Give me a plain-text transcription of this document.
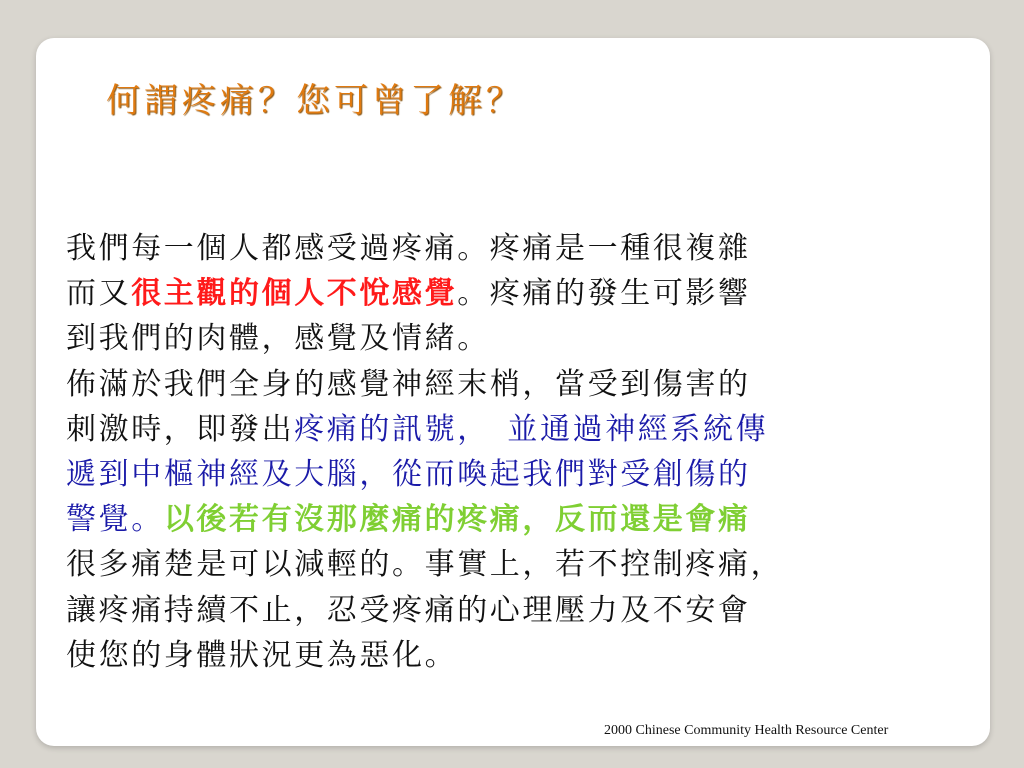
何謂疼痛？您可曾了解？
我們每一個人都感受過疼痛。疼痛是一種很複雜
而又很主觀的個人不悅感覺。疼痛的發生可影響
到我們的肉體，感覺及情緒。
佈滿於我們全身的感覺神經末梢，當受到傷害的
刺激時，即發出疼痛的訊號，　並通過神經系統傳
遞到中樞神經及大腦，從而喚起我們對受創傷的
警覺。以後若有沒那麼痛的疼痛，反而還是會痛
很多痛楚是可以減輕的。事實上，若不控制疼痛，
讓疼痛持續不止，忍受疼痛的心理壓力及不安會
使您的身體狀況更為惡化。
2000 Chinese Community Health Resource Center
